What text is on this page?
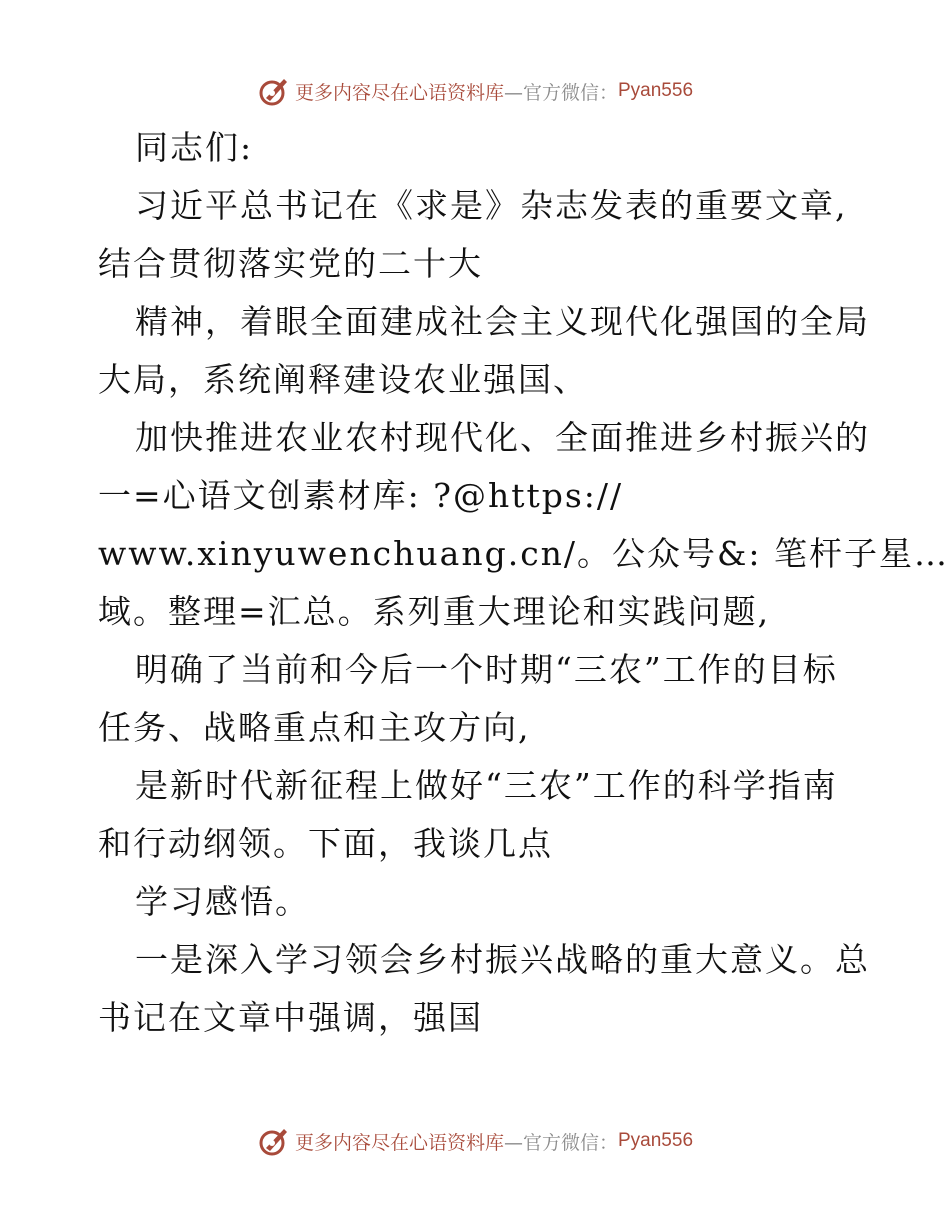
更多内容尽在心语资料库 —官方微信： Pyan556
同志们:
习近平总书记在《求是》杂志发表的重要文章,
结合贯彻落实党的二十大
精神，着眼全面建成社会主义现代化强国的全局
大局，系统阐释建设农业强国、
加快推进农业农村现代化、全面推进乡村振兴的
一=心语文创素材库: ?@https://
www.xinyuwenchuang.cn/。公众号&: 笔杆子星…
域。整理=汇总。系列重大理论和实践问题,
明确了当前和今后一个时期“三农”工作的目标
任务、战略重点和主攻方向,
是新时代新征程上做好“三农”工作的科学指南
和行动纲领。下面，我谈几点
学习感悟。
一是深入学习领会乡村振兴战略的重大意义。总
书记在文章中强调，强国
更多内容尽在心语资料库 —官方微信： Pyan556
